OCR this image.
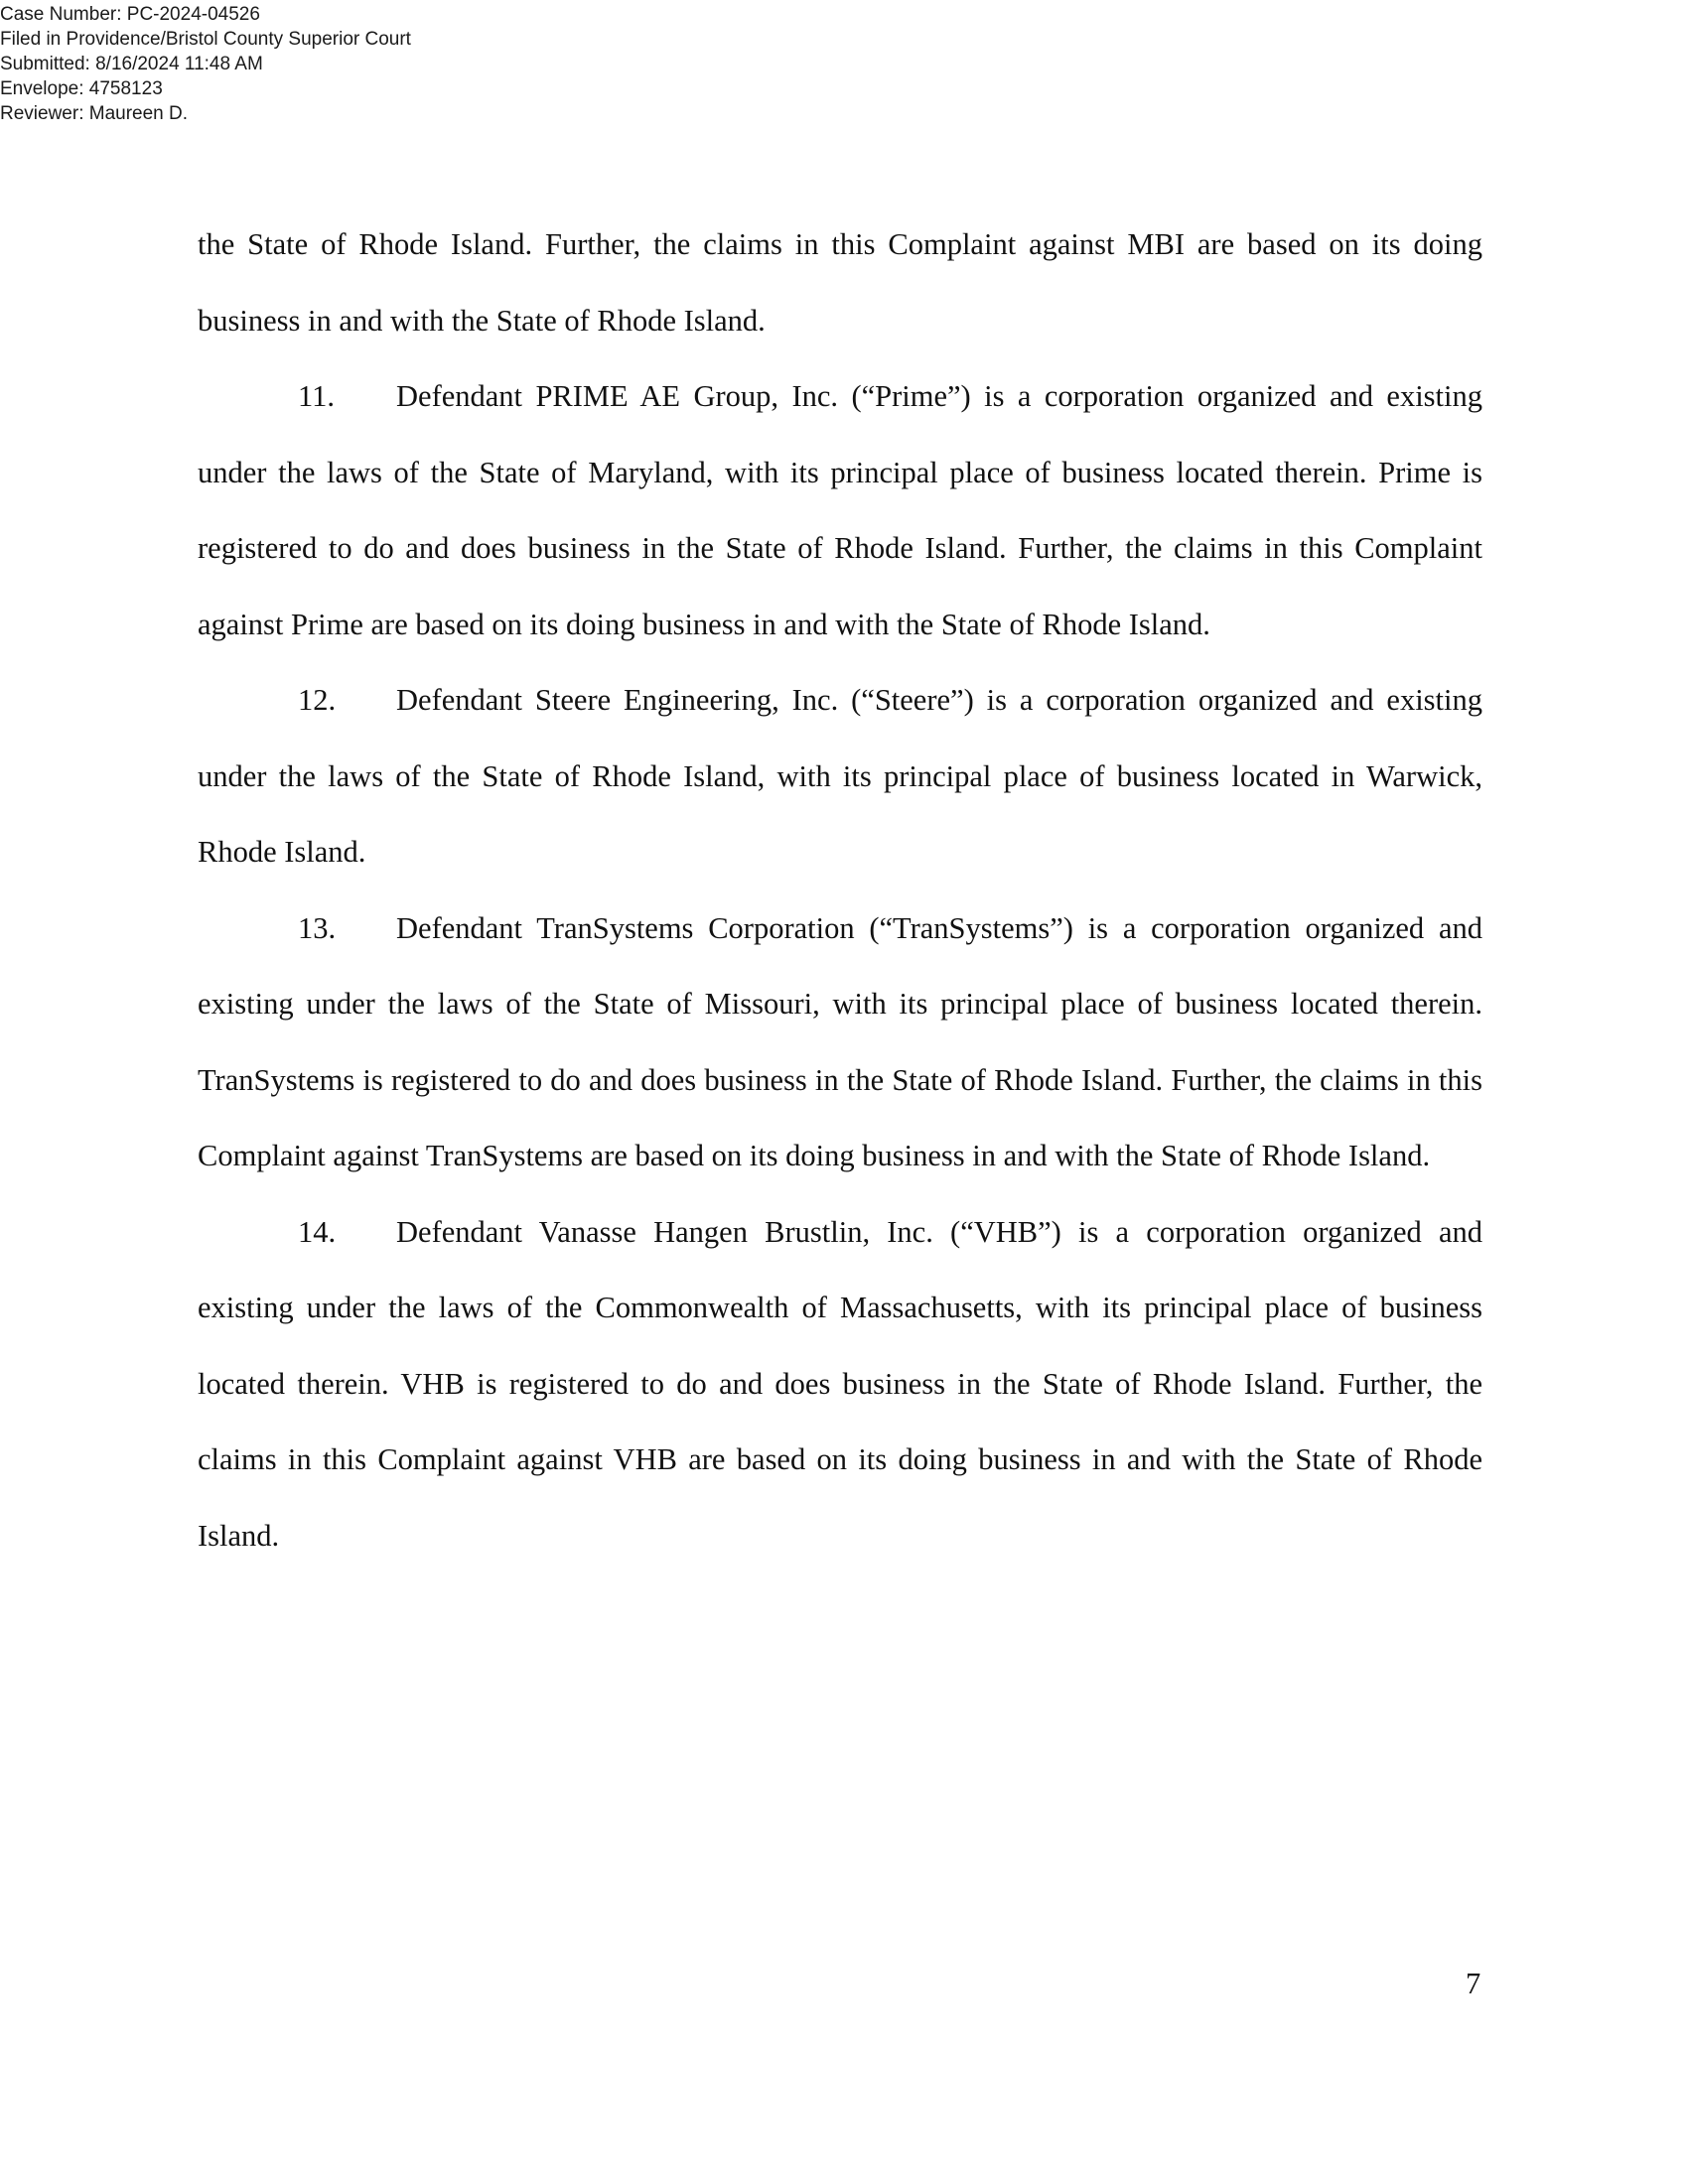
Case Number: PC-2024-04526
Filed in Providence/Bristol County Superior Court
Submitted: 8/16/2024 11:48 AM
Envelope: 4758123
Reviewer: Maureen D.

the State of Rhode Island. Further, the claims in this Complaint against MBI are based on its doing business in and with the State of Rhode Island.

11. Defendant PRIME AE Group, Inc. (“Prime”) is a corporation organized and existing under the laws of the State of Maryland, with its principal place of business located therein. Prime is registered to do and does business in the State of Rhode Island. Further, the claims in this Complaint against Prime are based on its doing business in and with the State of Rhode Island.

12. Defendant Steere Engineering, Inc. (“Steere”) is a corporation organized and existing under the laws of the State of Rhode Island, with its principal place of business located in Warwick, Rhode Island.

13. Defendant TranSystems Corporation (“TranSystems”) is a corporation organized and existing under the laws of the State of Missouri, with its principal place of business located therein. TranSystems is registered to do and does business in the State of Rhode Island. Further, the claims in this Complaint against TranSystems are based on its doing business in and with the State of Rhode Island.

14. Defendant Vanasse Hangen Brustlin, Inc. (“VHB”) is a corporation organized and existing under the laws of the Commonwealth of Massachusetts, with its principal place of business located therein. VHB is registered to do and does business in the State of Rhode Island. Further, the claims in this Complaint against VHB are based on its doing business in and with the State of Rhode Island.

7
